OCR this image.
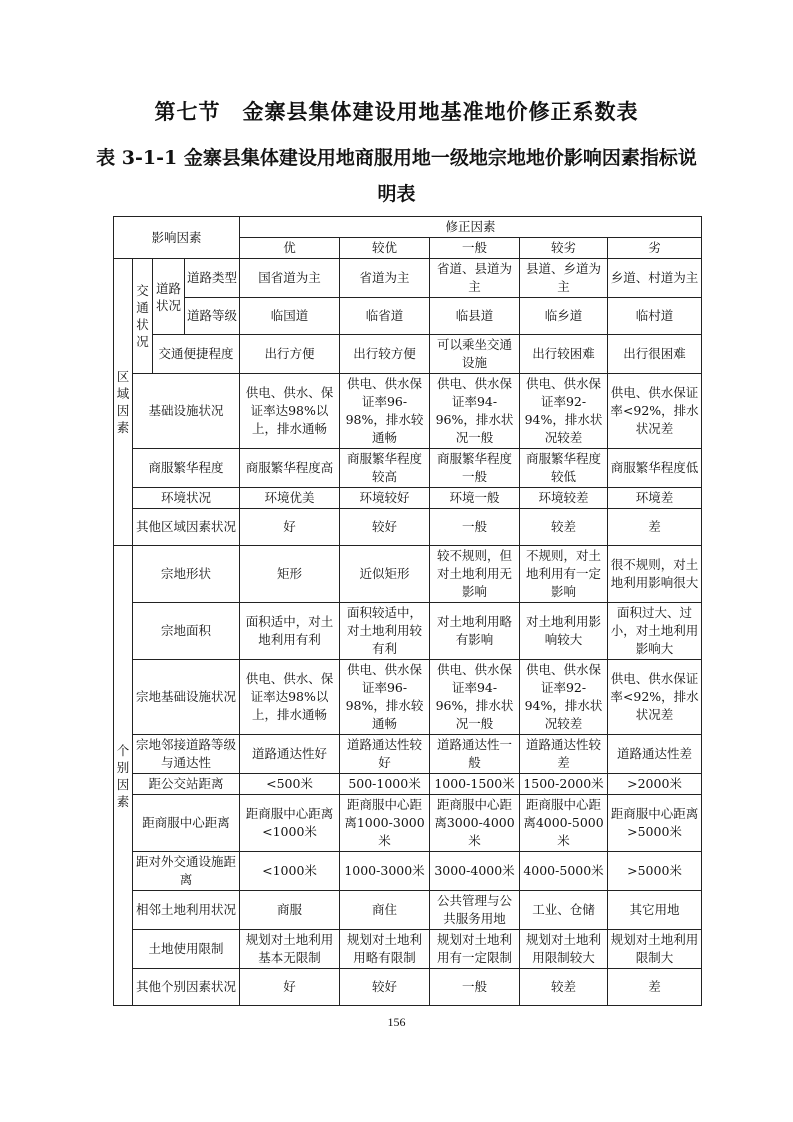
第七节　金寨县集体建设用地基准地价修正系数表
表 3-1-1 金寨县集体建设用地商服用地一级地宗地地价影响因素指标说
明表
影响因素				修正因素				
				优	较优	一般	较劣	劣

区域因素	交通状况	道路状况	道路类型	国省道为主	省道为主	省道、县道为主	县道、乡道为主	乡道、村道为主
			道路等级	临国道	临省道	临县道	临乡道	临村道
		交通便捷程度		出行方便	出行较方便	可以乘坐交通设施	出行较困难	出行很困难
	基础设施状况			供电、供水、保证率达98%以上，排水通畅	供电、供水保证率96-98%，排水较通畅	供电、供水保证率94-96%，排水状况一般	供电、供水保证率92-94%，排水状况较差	供电、供水保证率<92%，排水状况差
	商服繁华程度			商服繁华程度高	商服繁华程度较高	商服繁华程度一般	商服繁华程度较低	商服繁华程度低
	环境状况			环境优美	环境较好	环境一般	环境较差	环境差
	其他区域因素状况			好	较好	一般	较差	差

个别因素	宗地形状			矩形	近似矩形	较不规则，但对土地利用无影响	不规则，对土地利用有一定影响	很不规则，对土地利用影响很大
	宗地面积			面积适中，对土地利用有利	面积较适中，对土地利用较有利	对土地利用略有影响	对土地利用影响较大	面积过大、过小，对土地利用影响大
	宗地基础设施状况			供电、供水、保证率达98%以上，排水通畅	供电、供水保证率96-98%，排水较通畅	供电、供水保证率94-96%，排水状况一般	供电、供水保证率92-94%，排水状况较差	供电、供水保证率<92%，排水状况差
	宗地邻接道路等级与通达性			道路通达性好	道路通达性较好	道路通达性一般	道路通达性较差	道路通达性差
	距公交站距离			<500米	500-1000米	1000-1500米	1500-2000米	>2000米
	距商服中心距离			距商服中心距离<1000米	距商服中心距离1000-3000米	距商服中心距离3000-4000米	距商服中心距离4000-5000米	距商服中心距离>5000米
	距对外交通设施距离			<1000米	1000-3000米	3000-4000米	4000-5000米	>5000米
	相邻土地利用状况			商服	商住	公共管理与公共服务用地	工业、仓储	其它用地
	土地使用限制			规划对土地利用基本无限制	规划对土地利用略有限制	规划对土地利用有一定限制	规划对土地利用限制较大	规划对土地利用限制大
	其他个别因素状况			好	较好	一般	较差	差
156
